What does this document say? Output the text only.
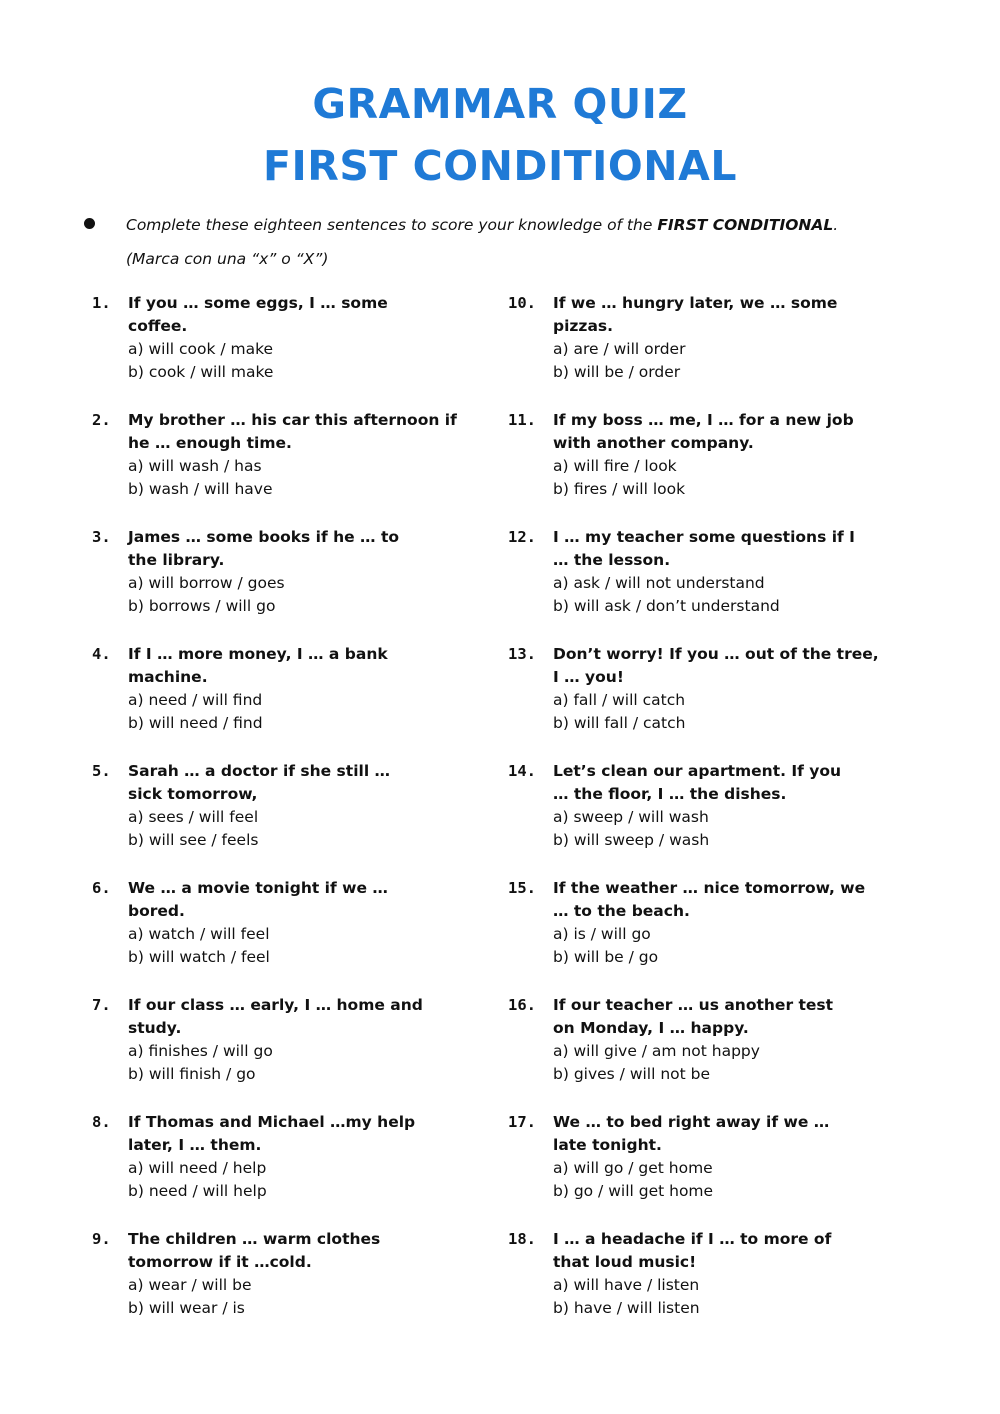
GRAMMAR QUIZ
FIRST CONDITIONAL
Complete these eighteen sentences to score your knowledge of the FIRST CONDITIONAL.
(Marca con una “x” o “X”)
1. If you … some eggs, I … some
coffee.
a) will cook / make
b) cook / will make
2. My brother … his car this afternoon if
he … enough time.
a) will wash / has
b) wash / will have
3. James … some books if he … to
the library.
a) will borrow / goes
b) borrows / will go
4. If I … more money, I … a bank
machine.
a) need / will find
b) will need / find
5. Sarah … a doctor if she still …
sick tomorrow,
a) sees / will feel
b) will see / feels
6. We … a movie tonight if we …
bored.
a) watch / will feel
b) will watch / feel
7. If our class … early, I … home and
study.
a) finishes / will go
b) will finish / go
8. If Thomas and Michael …my help
later, I … them.
a) will need / help
b) need / will help
9. The children … warm clothes
tomorrow if it …cold.
a) wear / will be
b) will wear / is
10. If we … hungry later, we … some
pizzas.
a) are / will order
b) will be / order
11. If my boss … me, I … for a new job
with another company.
a) will fire / look
b) fires / will look
12. I … my teacher some questions if I
… the lesson.
a) ask / will not understand
b) will ask / don’t understand
13. Don’t worry! If you … out of the tree,
I … you!
a) fall / will catch
b) will fall / catch
14. Let’s clean our apartment. If you
… the floor, I … the dishes.
a) sweep / will wash
b) will sweep / wash
15. If the weather … nice tomorrow, we
… to the beach.
a) is / will go
b) will be / go
16. If our teacher … us another test
on Monday, I … happy.
a) will give / am not happy
b) gives / will not be
17. We … to bed right away if we …
late tonight.
a) will go / get home
b) go / will get home
18. I … a headache if I … to more of
that loud music!
a) will have / listen
b) have / will listen
